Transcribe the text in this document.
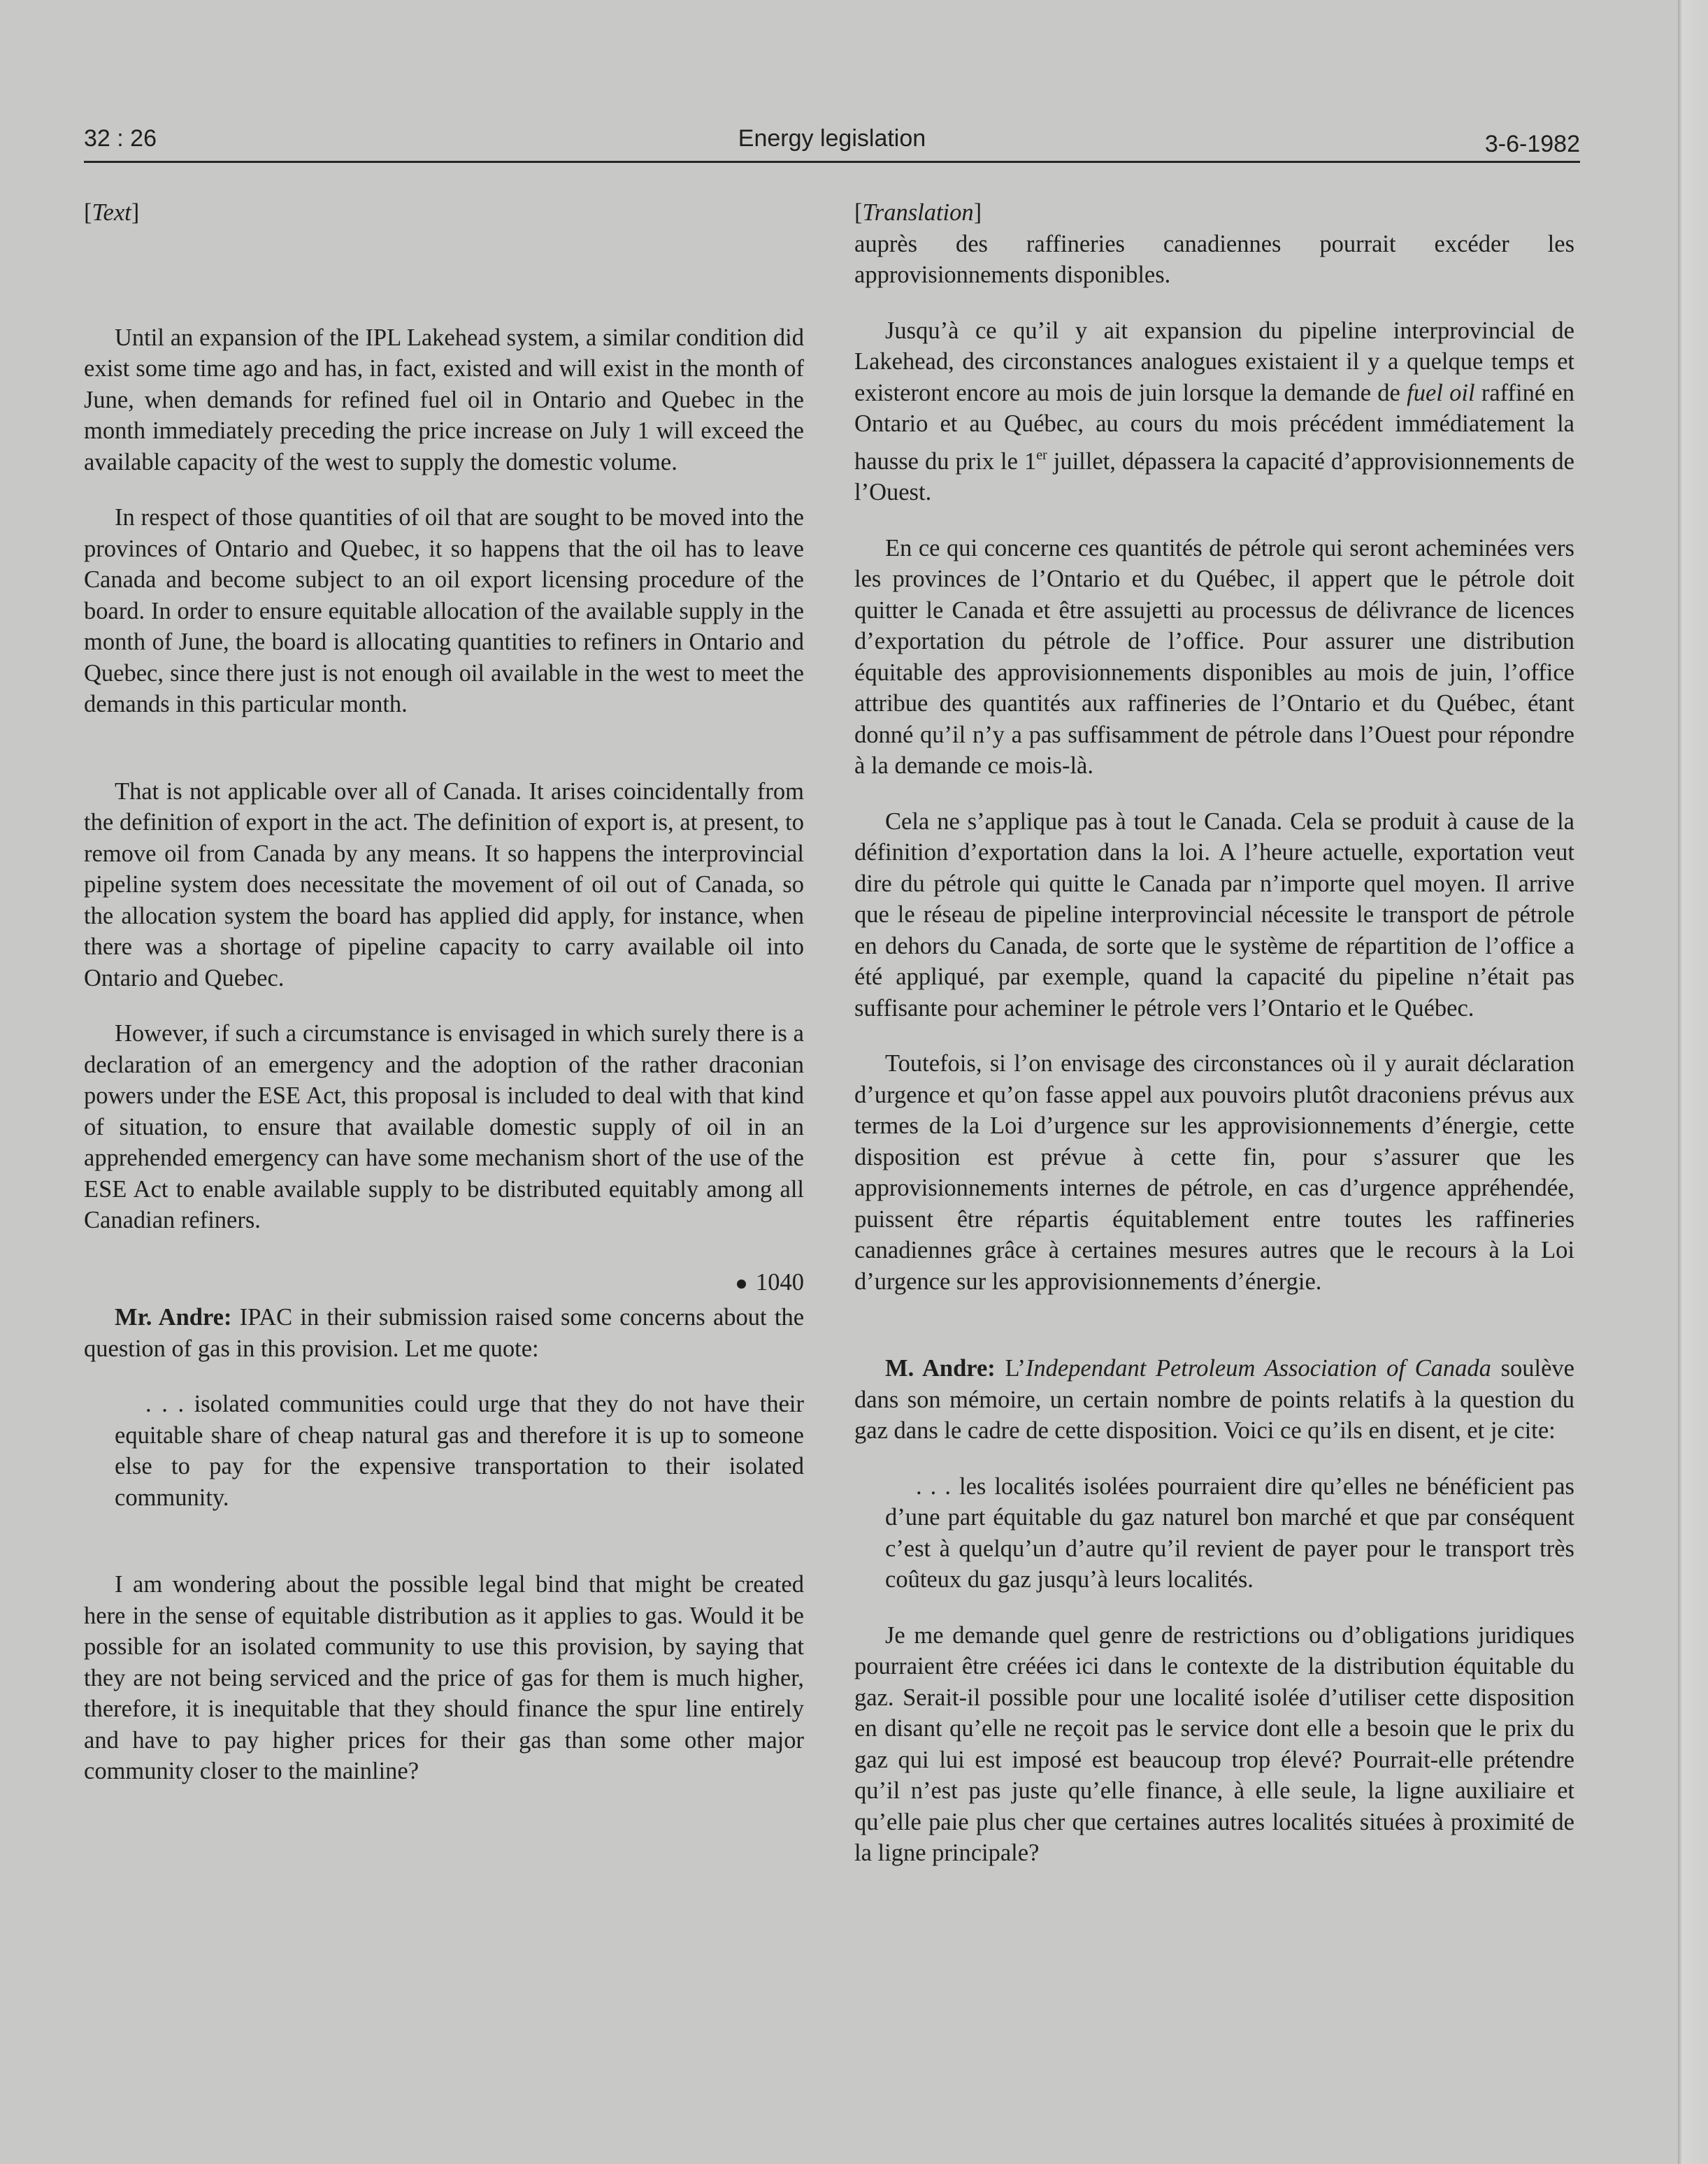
32 : 26	Energy legislation	3-6-1982

[Text]

Until an expansion of the IPL Lakehead system, a similar condition did exist some time ago and has, in fact, existed and will exist in the month of June, when demands for refined fuel oil in Ontario and Quebec in the month immediately preceding the price increase on July 1 will exceed the available capacity of the west to supply the domestic volume.

In respect of those quantities of oil that are sought to be moved into the provinces of Ontario and Quebec, it so happens that the oil has to leave Canada and become subject to an oil export licensing procedure of the board. In order to ensure equitable allocation of the available supply in the month of June, the board is allocating quantities to refiners in Ontario and Quebec, since there just is not enough oil available in the west to meet the demands in this particular month.

That is not applicable over all of Canada. It arises coincidentally from the definition of export in the act. The definition of export is, at present, to remove oil from Canada by any means. It so happens the interprovincial pipeline system does necessitate the movement of oil out of Canada, so the allocation system the board has applied did apply, for instance, when there was a shortage of pipeline capacity to carry available oil into Ontario and Quebec.

However, if such a circumstance is envisaged in which surely there is a declaration of an emergency and the adoption of the rather draconian powers under the ESE Act, this proposal is included to deal with that kind of situation, to ensure that available domestic supply of oil in an apprehended emergency can have some mechanism short of the use of the ESE Act to enable available supply to be distributed equitably among all Canadian refiners.

1040

Mr. Andre: IPAC in their submission raised some concerns about the question of gas in this provision. Let me quote:

. . . isolated communities could urge that they do not have their equitable share of cheap natural gas and therefore it is up to someone else to pay for the expensive transportation to their isolated community.

I am wondering about the possible legal bind that might be created here in the sense of equitable distribution as it applies to gas. Would it be possible for an isolated community to use this provision, by saying that they are not being serviced and the price of gas for them is much higher, therefore, it is inequitable that they should finance the spur line entirely and have to pay higher prices for their gas than some other major community closer to the mainline?

[Translation]

auprès des raffineries canadiennes pourrait excéder les approvisionnements disponibles.

Jusqu’à ce qu’il y ait expansion du pipeline interprovincial de Lakehead, des circonstances analogues existaient il y a quelque temps et existeront encore au mois de juin lorsque la demande de fuel oil raffiné en Ontario et au Québec, au cours du mois précédent immédiatement la hausse du prix le 1er juillet, dépassera la capacité d’approvisionnements de l’Ouest.

En ce qui concerne ces quantités de pétrole qui seront acheminées vers les provinces de l’Ontario et du Québec, il appert que le pétrole doit quitter le Canada et être assujetti au processus de délivrance de licences d’exportation du pétrole de l’office. Pour assurer une distribution équitable des approvisionnements disponibles au mois de juin, l’office attribue des quantités aux raffineries de l’Ontario et du Québec, étant donné qu’il n’y a pas suffisamment de pétrole dans l’Ouest pour répondre à la demande ce mois-là.

Cela ne s’applique pas à tout le Canada. Cela se produit à cause de la définition d’exportation dans la loi. A l’heure actuelle, exportation veut dire du pétrole qui quitte le Canada par n’importe quel moyen. Il arrive que le réseau de pipeline interprovincial nécessite le transport de pétrole en dehors du Canada, de sorte que le système de répartition de l’office a été appliqué, par exemple, quand la capacité du pipeline n’était pas suffisante pour acheminer le pétrole vers l’Ontario et le Québec.

Toutefois, si l’on envisage des circonstances où il y aurait déclaration d’urgence et qu’on fasse appel aux pouvoirs plutôt draconiens prévus aux termes de la Loi d’urgence sur les approvisionnements d’énergie, cette disposition est prévue à cette fin, pour s’assurer que les approvisionnements internes de pétrole, en cas d’urgence appréhendée, puissent être répartis équitablement entre toutes les raffineries canadiennes grâce à certaines mesures autres que le recours à la Loi d’urgence sur les approvisionnements d’énergie.

M. Andre: L’Independant Petroleum Association of Canada soulève dans son mémoire, un certain nombre de points relatifs à la question du gaz dans le cadre de cette disposition. Voici ce qu’ils en disent, et je cite:

. . . les localités isolées pourraient dire qu’elles ne bénéficient pas d’une part équitable du gaz naturel bon marché et que par conséquent c’est à quelqu’un d’autre qu’il revient de payer pour le transport très coûteux du gaz jusqu’à leurs localités.

Je me demande quel genre de restrictions ou d’obligations juridiques pourraient être créées ici dans le contexte de la distribution équitable du gaz. Serait-il possible pour une localité isolée d’utiliser cette disposition en disant qu’elle ne reçoit pas le service dont elle a besoin que le prix du gaz qui lui est imposé est beaucoup trop élevé? Pourrait-elle prétendre qu’il n’est pas juste qu’elle finance, à elle seule, la ligne auxiliaire et qu’elle paie plus cher que certaines autres localités situées à proximité de la ligne principale?
